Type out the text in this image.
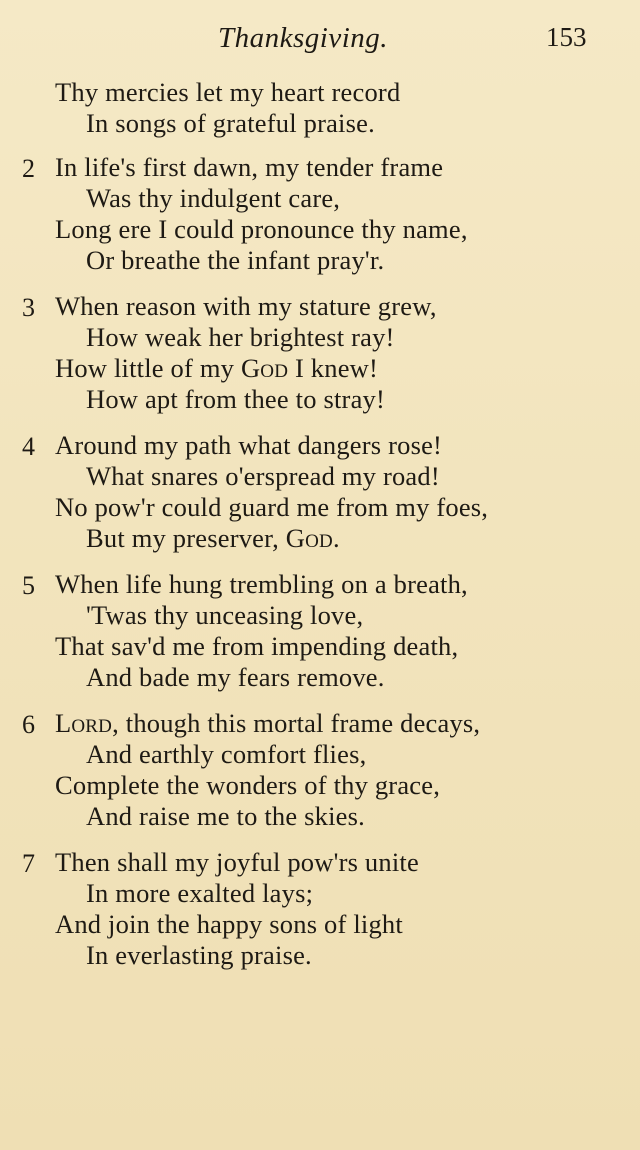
Thanksgiving.	153
Thy mercies let my heart record
In songs of grateful praise.
2 In life's first dawn, my tender frame
Was thy indulgent care,
Long ere I could pronounce thy name,
Or breathe the infant pray'r.
3 When reason with my stature grew,
How weak her brightest ray!
How little of my God I knew!
How apt from thee to stray!
4 Around my path what dangers rose!
What snares o'erspread my road!
No pow'r could guard me from my foes,
But my preserver, God.
5 When life hung trembling on a breath,
'Twas thy unceasing love,
That sav'd me from impending death,
And bade my fears remove.
6 Lord, though this mortal frame decays,
And earthly comfort flies,
Complete the wonders of thy grace,
And raise me to the skies.
7 Then shall my joyful pow'rs unite
In more exalted lays;
And join the happy sons of light
In everlasting praise.
